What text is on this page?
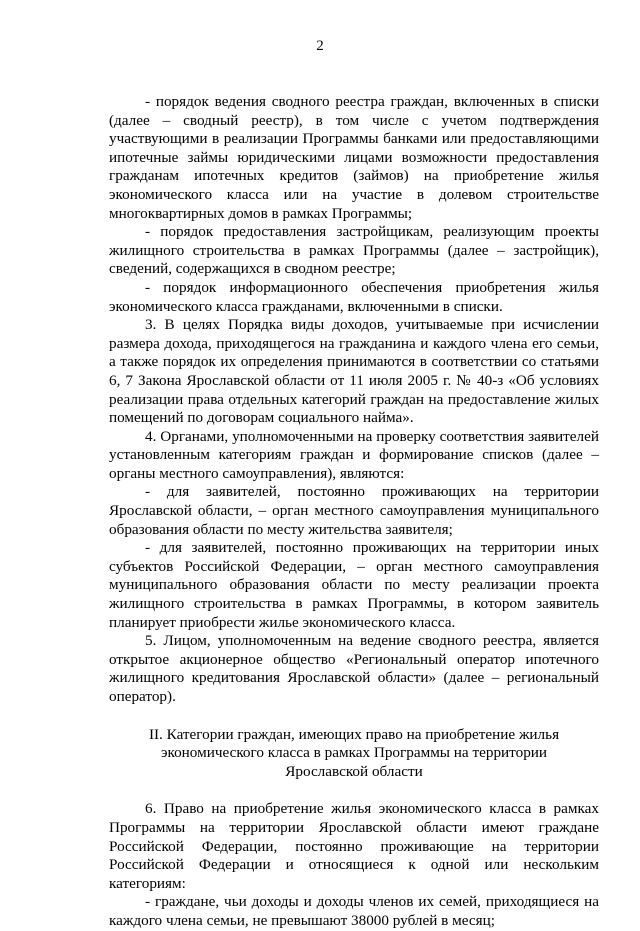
2

- порядок ведения сводного реестра граждан, включенных в списки (далее – сводный реестр), в том числе с учетом подтверждения участвующими в реализации Программы банками или предоставляющими ипотечные займы юридическими лицами возможности предоставления гражданам ипотечных кредитов (займов) на приобретение жилья экономического класса или на участие в долевом строительстве многоквартирных домов в рамках Программы;

- порядок предоставления застройщикам, реализующим проекты жилищного строительства в рамках Программы (далее – застройщик), сведений, содержащихся в сводном реестре;

- порядок информационного обеспечения приобретения жилья экономического класса гражданами, включенными в списки.

3. В целях Порядка виды доходов, учитываемые при исчислении размера дохода, приходящегося на гражданина и каждого члена его семьи, а также порядок их определения принимаются в соответствии со статьями 6, 7 Закона Ярославской области от 11 июля 2005 г. № 40-з «Об условиях реализации права отдельных категорий граждан на предоставление жилых помещений по договорам социального найма».

4. Органами, уполномоченными на проверку соответствия заявителей установленным категориям граждан и формирование списков (далее – органы местного самоуправления), являются:

- для заявителей, постоянно проживающих на территории Ярославской области, – орган местного самоуправления муниципального образования области по месту жительства заявителя;

- для заявителей, постоянно проживающих на территории иных субъектов Российской Федерации, – орган местного самоуправления муниципального образования области по месту реализации проекта жилищного строительства в рамках Программы, в котором заявитель планирует приобрести жилье экономического класса.

5. Лицом, уполномоченным на ведение сводного реестра, является открытое акционерное общество «Региональный оператор ипотечного жилищного кредитования Ярославской области» (далее – региональный оператор).

II. Категории граждан, имеющих право на приобретение жилья
экономического класса в рамках Программы на территории
Ярославской области

6. Право на приобретение жилья экономического класса в рамках Программы на территории Ярославской области имеют граждане Российской Федерации, постоянно проживающие на территории Российской Федерации и относящиеся к одной или нескольким категориям:

- граждане, чьи доходы и доходы членов их семей, приходящиеся на каждого члена семьи, не превышают 38000 рублей в месяц;
